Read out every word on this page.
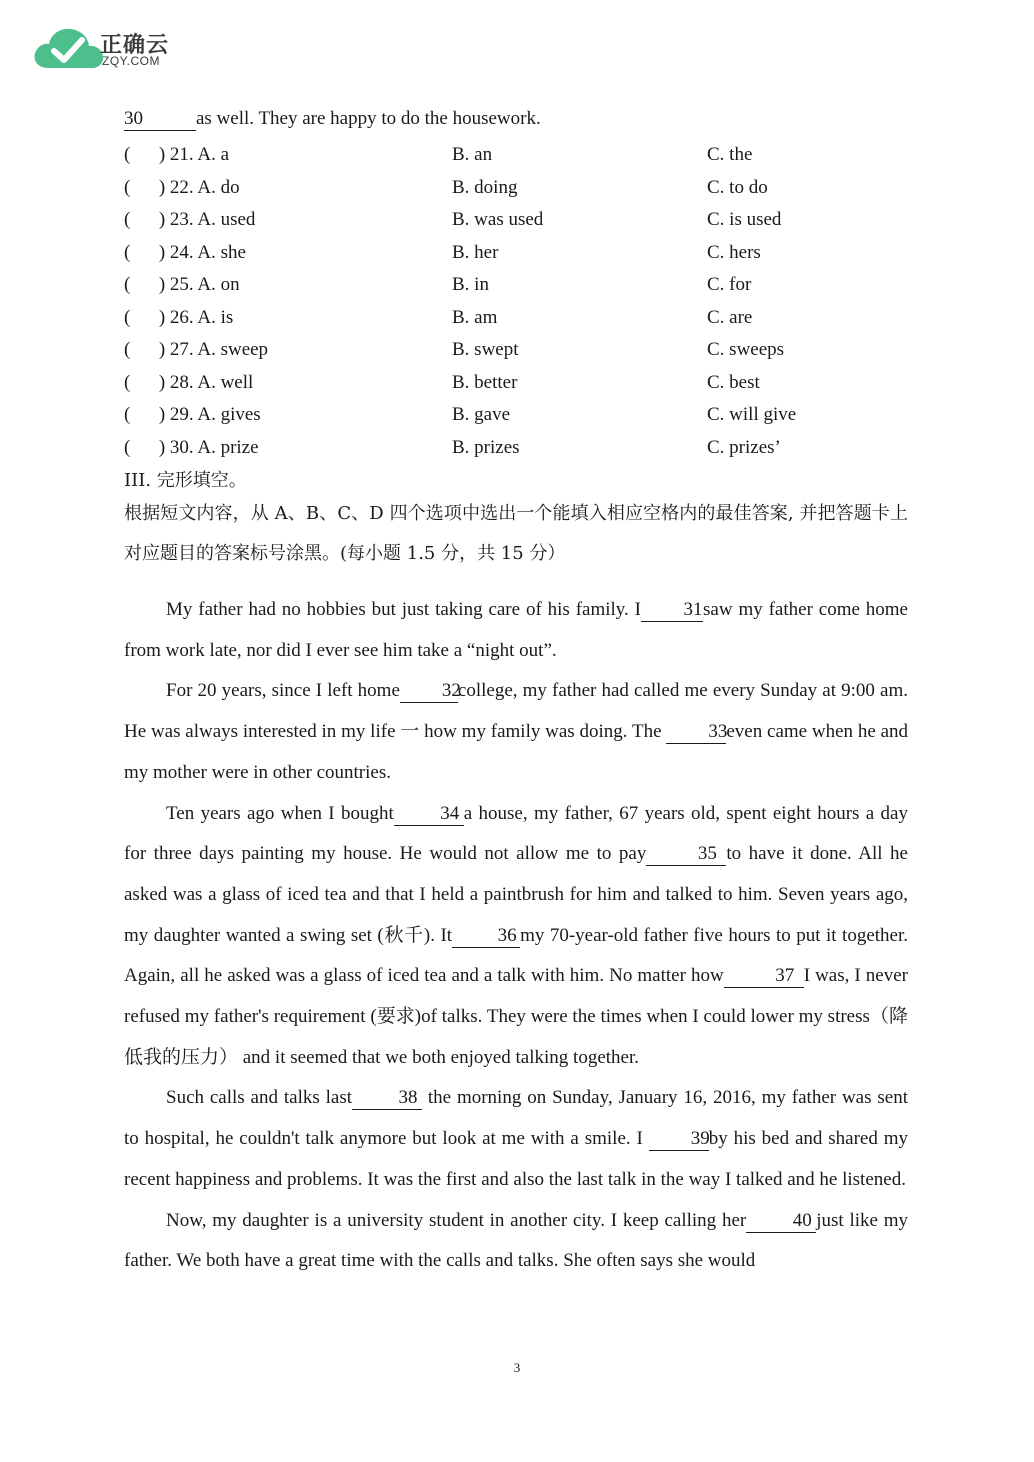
正确云
ZQY.COM
30	as well. They are happy to do the housework.
(      ) 21. A. a	B. an	C. the
(      ) 22. A. do	B. doing	C. to do
(      ) 23. A. used	B. was used	C. is used
(      ) 24. A. she	B. her	C. hers
(      ) 25. A. on	B. in	C. for
(      ) 26. A. is	B. am	C. are
(      ) 27. A. sweep	B. swept	C. sweeps
(      ) 28. A. well	B. better	C. best
(      ) 29. A. gives	B. gave	C. will give
(      ) 30. A. prize	B. prizes	C. prizes’
III. 完形填空。
根据短文内容，从 A、B、C、D 四个选项中选出一个能填入相应空格内的最佳答案, 并把答题卡上对应题目的答案标号涂黑。(每小题 1.5 分，共 15 分）
My father had no hobbies but just taking care of his family. I 31saw my father come home from work late, nor did I ever see him take a “night out”.
For 20 years, since I left home 32college, my father had called me every Sunday at 9:00 am. He was always interested in my life 一 how my family was doing. The 33even came when he and my mother were in other countries.
Ten years ago when I bought 34 a house, my father, 67 years old, spent eight hours a day for three days painting my house. He would not allow me to pay	35 to have it done. All he asked was a glass of iced tea and that I held a paintbrush for him and talked to him. Seven years ago, my daughter wanted a swing set (秋千). It 36 my 70-year-old father five hours to put it together. Again, all he asked was a glass of iced tea and a talk with him. No matter how	37 I was, I never refused my father's requirement (要求)of talks. They were the times when I could lower my stress（降低我的压力） and it seemed that we both enjoyed talking together.
Such calls and talks last 38 the morning on Sunday, January 16, 2016, my father was sent to hospital, he couldn't talk anymore but look at me with a smile. I	39by his bed and shared my recent happiness and problems. It was the first and also the last talk in the way I talked and he listened.
Now, my daughter is a university student in another city. I keep calling her 40 just like my father. We both have a great time with the calls and talks. She often says she would
3
